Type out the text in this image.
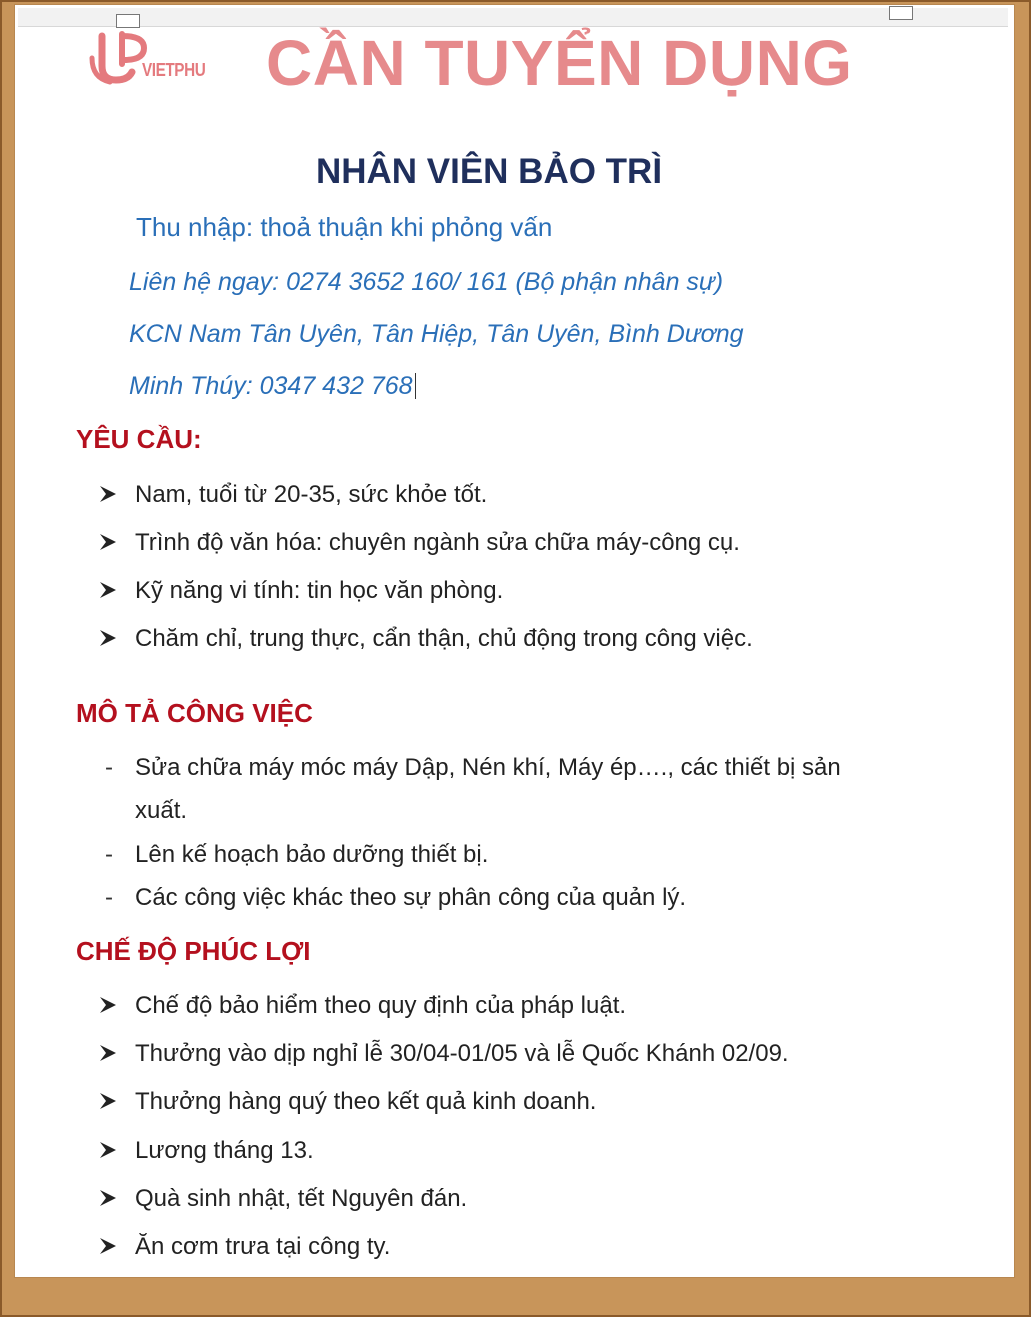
VIETPHU CẦN TUYỂN DỤNG
NHÂN VIÊN BẢO TRÌ
Thu nhập: thoả thuận khi phỏng vấn
Liên hệ ngay: 0274 3652 160/ 161 (Bộ phận nhân sự)
KCN Nam Tân Uyên, Tân Hiệp, Tân Uyên, Bình Dương
Minh Thúy: 0347 432 768
YÊU CẦU:
Nam, tuổi từ 20-35, sức khỏe tốt.
Trình độ văn hóa: chuyên ngành sửa chữa máy-công cụ.
Kỹ năng vi tính: tin học văn phòng.
Chăm chỉ, trung thực, cẩn thận, chủ động trong công việc.
MÔ TẢ CÔNG VIỆC
- Sửa chữa máy móc máy Dập, Nén khí, Máy ép…., các thiết bị sản
xuất.
- Lên kế hoạch bảo dưỡng thiết bị.
- Các công việc khác theo sự phân công của quản lý.
CHẾ ĐỘ PHÚC LỢI
Chế độ bảo hiểm theo quy định của pháp luật.
Thưởng vào dịp nghỉ lễ 30/04-01/05 và lễ Quốc Khánh 02/09.
Thưởng hàng quý theo kết quả kinh doanh.
Lương tháng 13.
Quà sinh nhật, tết Nguyên đán.
Ăn cơm trưa tại công ty.
